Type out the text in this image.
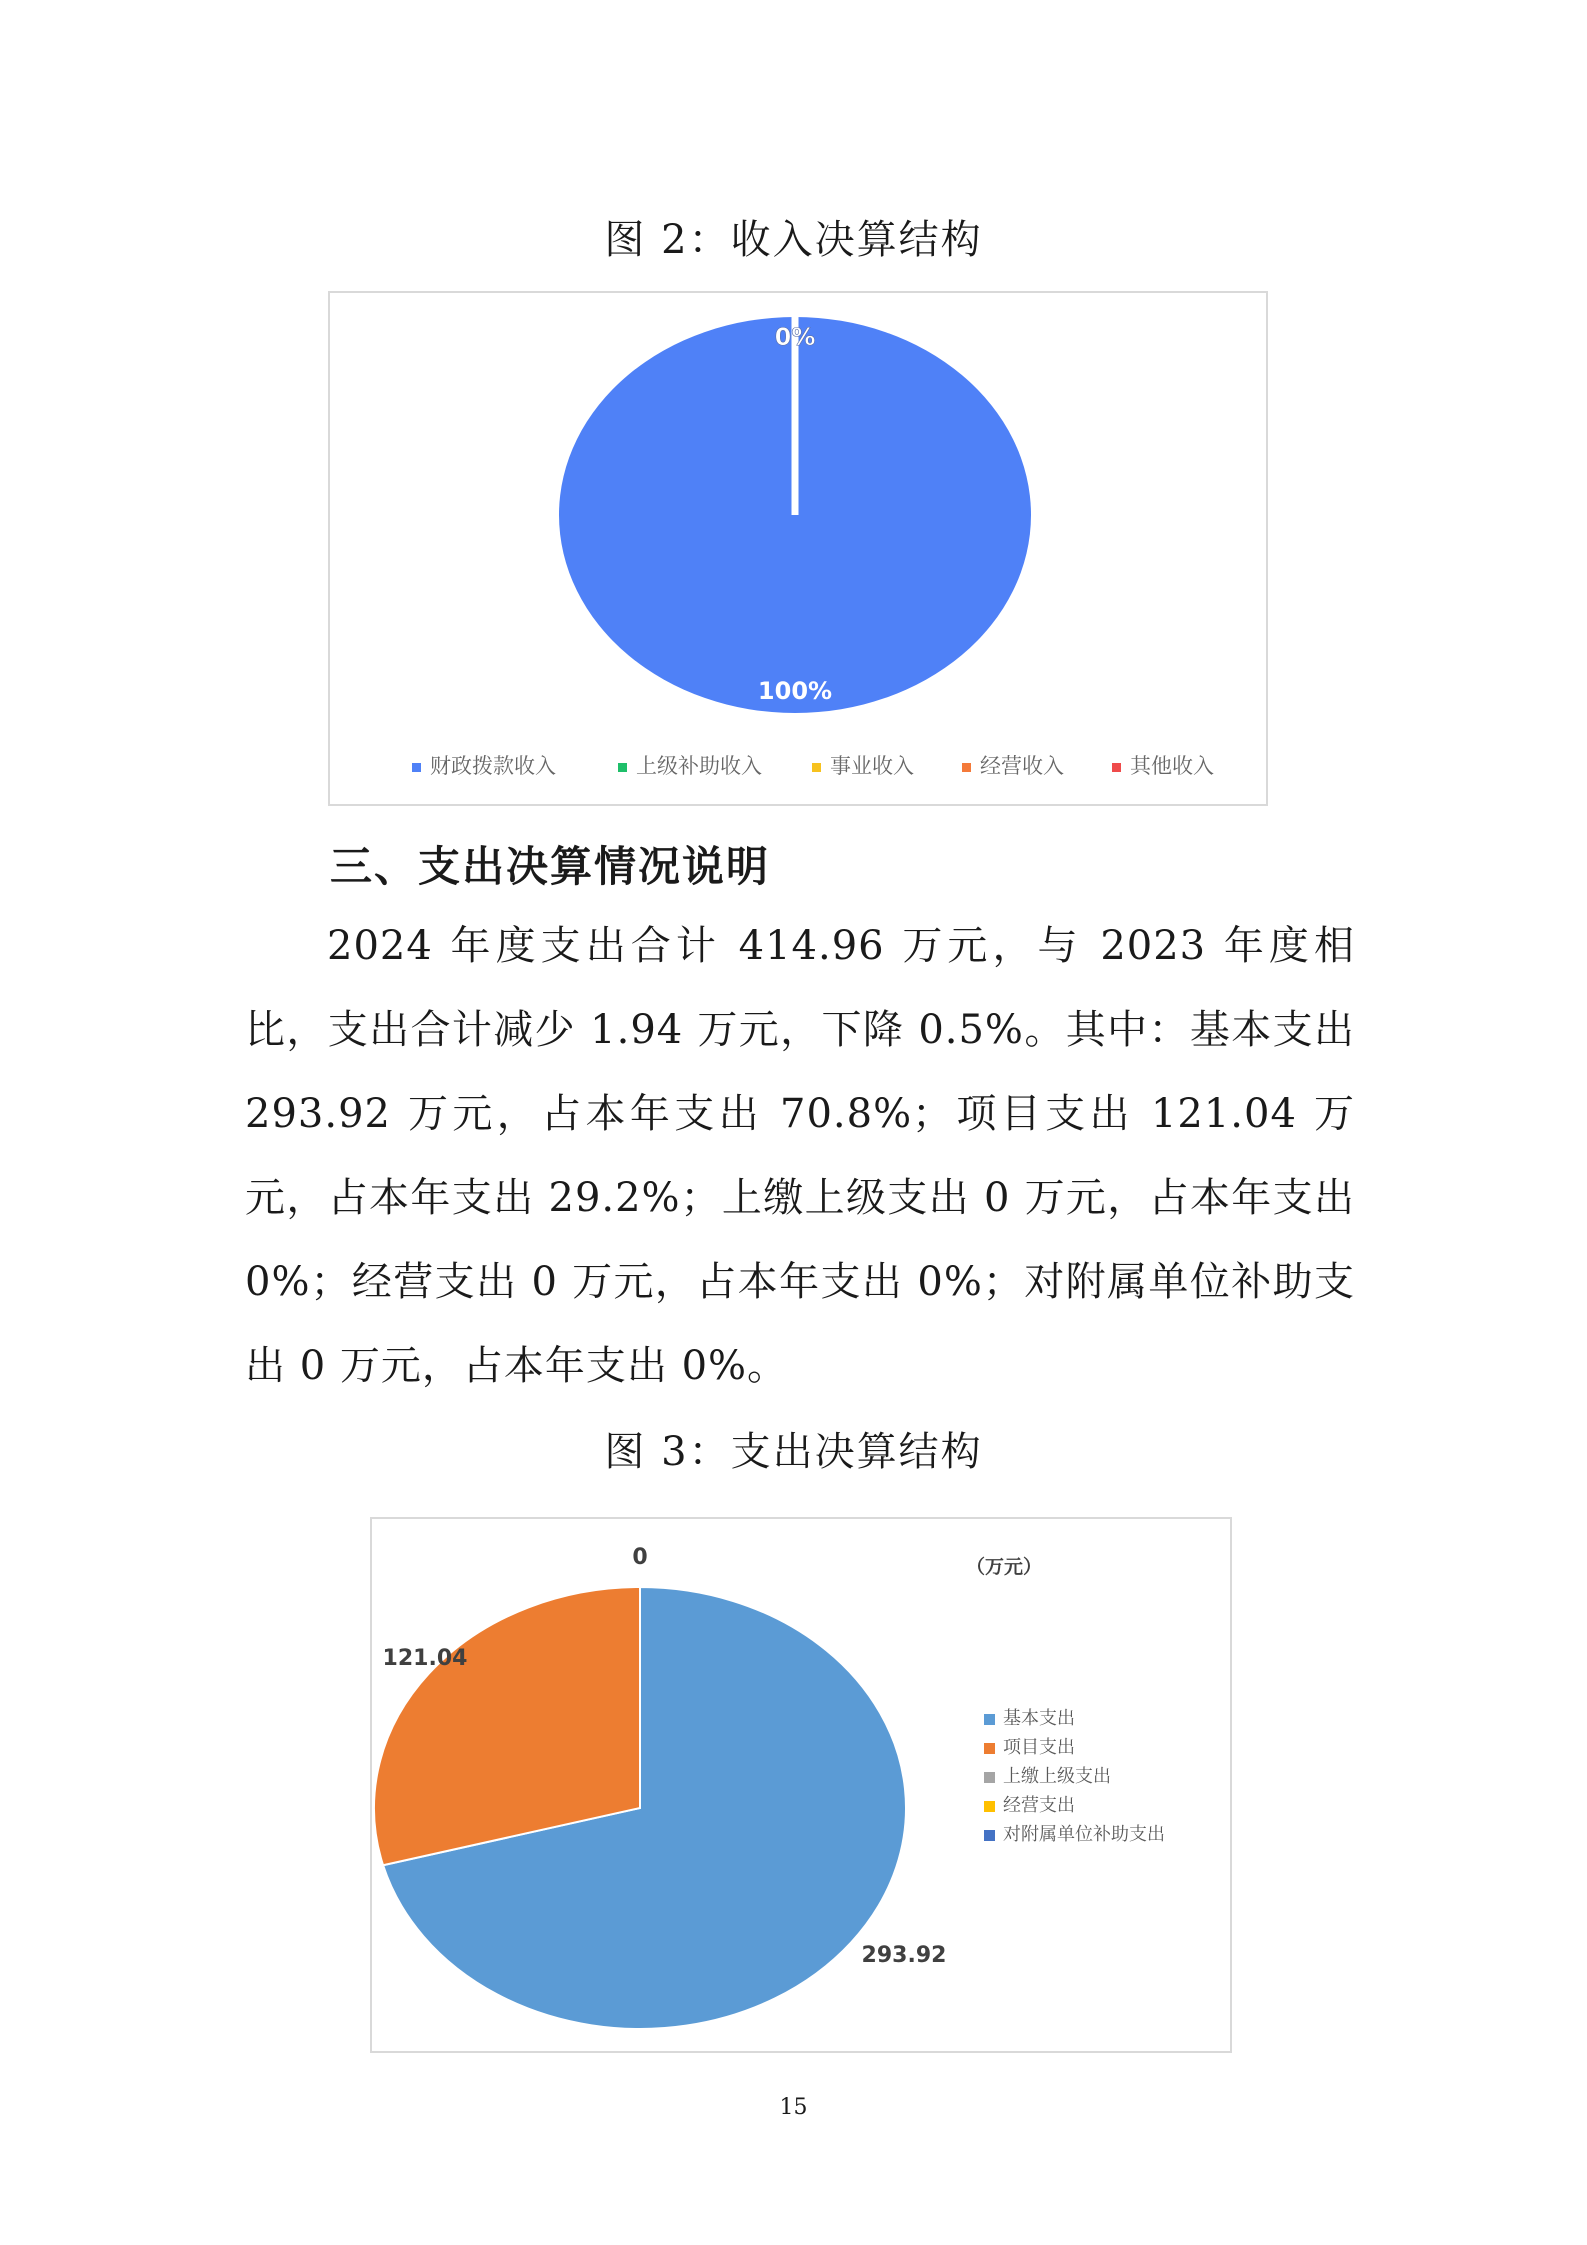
图 2：收入决算结构
100%
0%
财政拨款收入	上级补助收入	事业收入	经营收入	其他收入
三、支出决算情况说明
2024 年度支出合计 414.96 万元，与 2023 年度相比，支出合计减少 1.94 万元，下降 0.5%。其中：基本支出 293.92 万元，占本年支出 70.8%；项目支出 121.04 万元，占本年支出 29.2%；上缴上级支出 0 万元，占本年支出 0%；经营支出 0 万元，占本年支出 0%；对附属单位补助支出 0 万元，占本年支出 0%。
图 3：支出决算结构
293.92
121.04
0	（万元）
基本支出
项目支出
上缴上级支出
经营支出
对附属单位补助支出
15
